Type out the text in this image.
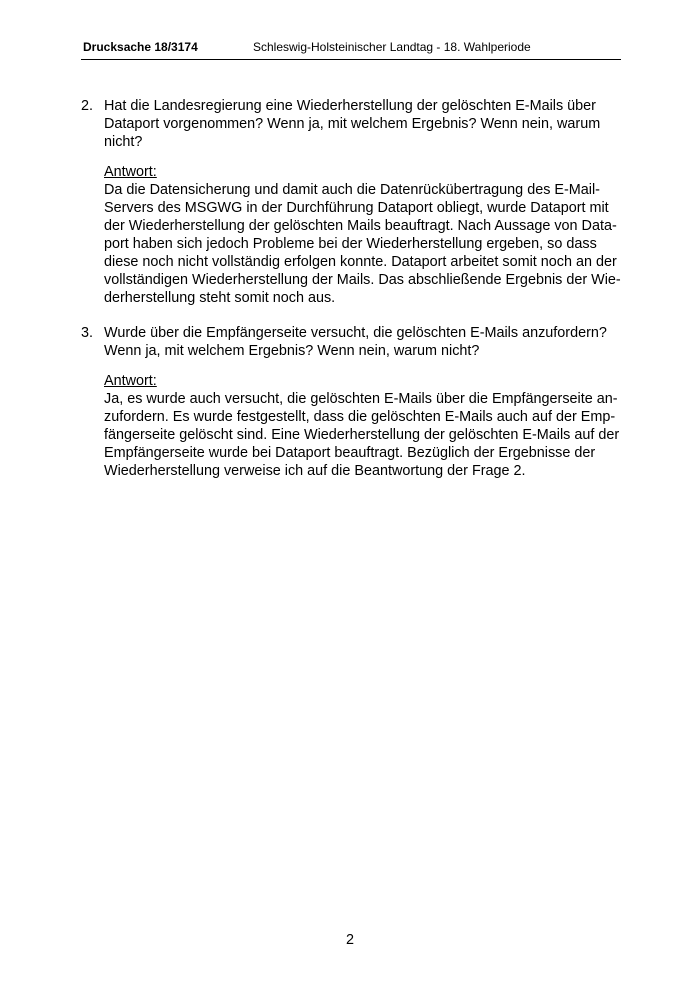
Drucksache 18/3174	Schleswig-Holsteinischer Landtag - 18. Wahlperiode
2. Hat die Landesregierung eine Wiederherstellung der gelöschten E-Mails über
Dataport vorgenommen? Wenn ja, mit welchem Ergebnis? Wenn nein, warum
nicht?
Antwort:
Da die Datensicherung und damit auch die Datenrückübertragung des E-Mail-
Servers des MSGWG in der Durchführung Dataport obliegt, wurde Dataport mit
der Wiederherstellung der gelöschten Mails beauftragt. Nach Aussage von Data-
port haben sich jedoch Probleme bei der Wiederherstellung ergeben, so dass
diese noch nicht vollständig erfolgen konnte. Dataport arbeitet somit noch an der
vollständigen Wiederherstellung der Mails. Das abschließende Ergebnis der Wie-
derherstellung steht somit noch aus.
3. Wurde über die Empfängerseite versucht, die gelöschten E-Mails anzufordern?
Wenn ja, mit welchem Ergebnis? Wenn nein, warum nicht?
Antwort:
Ja, es wurde auch versucht, die gelöschten E-Mails über die Empfängerseite an-
zufordern. Es wurde festgestellt, dass die gelöschten E-Mails auch auf der Emp-
fängerseite gelöscht sind. Eine Wiederherstellung der gelöschten E-Mails auf der
Empfängerseite wurde bei Dataport beauftragt. Bezüglich der Ergebnisse der
Wiederherstellung verweise ich auf die Beantwortung der Frage 2.
2
